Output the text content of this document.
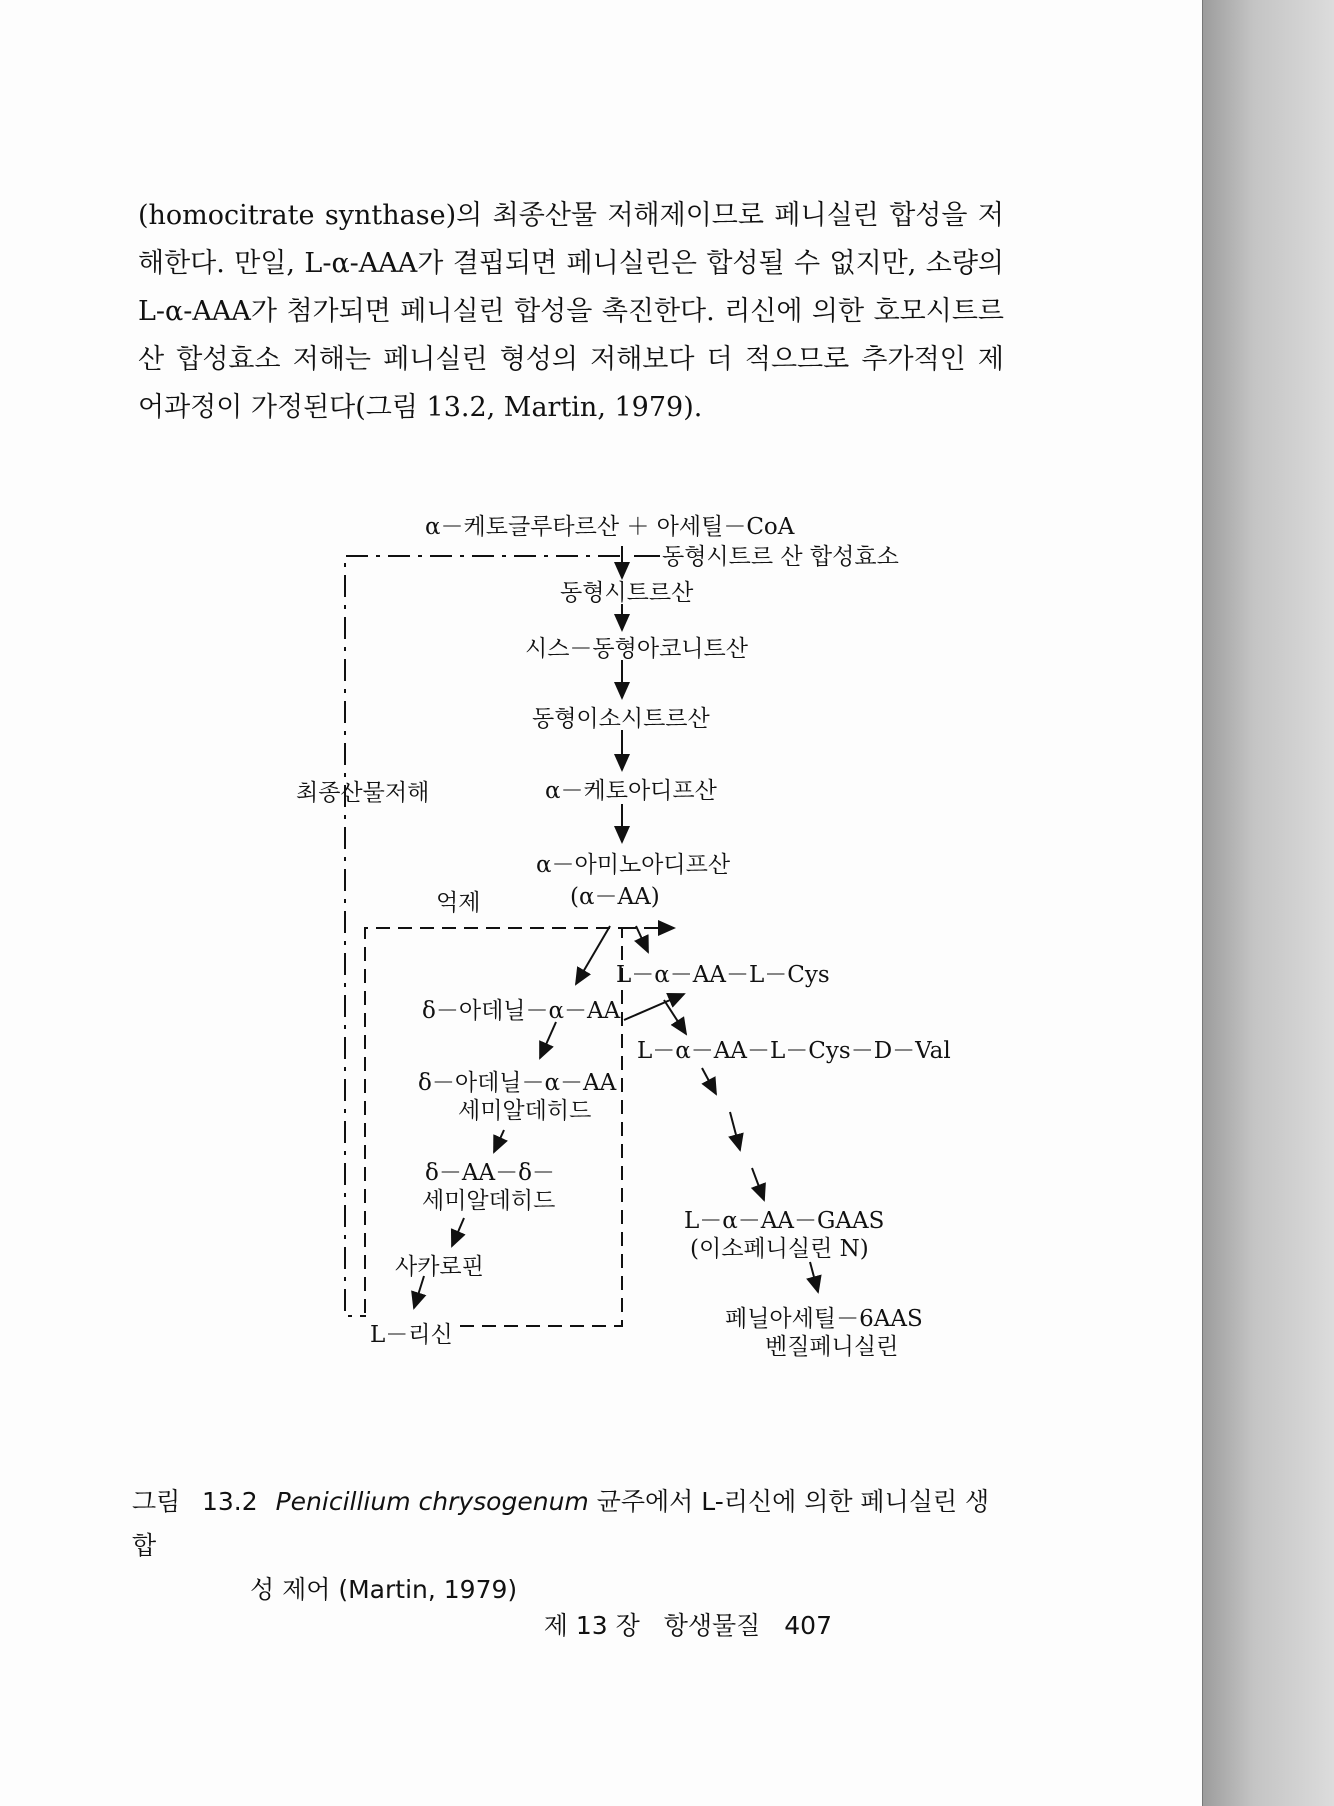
(homocitrate synthase)의 최종산물 저해제이므로 페니실린 합성을 저
해한다. 만일, L-α-AAA가 결핍되면 페니실린은 합성될 수 없지만, 소량의
L-α-AAA가 첨가되면 페니실린 합성을 촉진한다. 리신에 의한 호모시트르
산 합성효소 저해는 페니실린 형성의 저해보다 더 적으므로 추가적인 제
어과정이 가정된다(그림 13.2, Martin, 1979).

α－케토글루타르산 ＋ 아세틸－CoA
동형시트르 산 합성효소
동형시트르산
시스－동형아코니트산
동형이소시트르산
α－케토아디프산
α－아미노아디프산
(α－AA)
최종산물저해
억제
L－α－AA－L－Cys
δ－아데닐－α－AA
L－α－AA－L－Cys－D－Val
δ－아데닐－α－AA
세미알데히드
δ－AA－δ－
세미알데히드
사카로핀
L－리신
L－α－AA－GAAS
(이소페니실린 N)
페닐아세틸－6AAS
벤질페니실린
그림 13.2 Penicillium chrysogenum 균주에서 L-리신에 의한 페니실린 생합
성 제어 (Martin, 1979)
제 13 장 항생물질 407
